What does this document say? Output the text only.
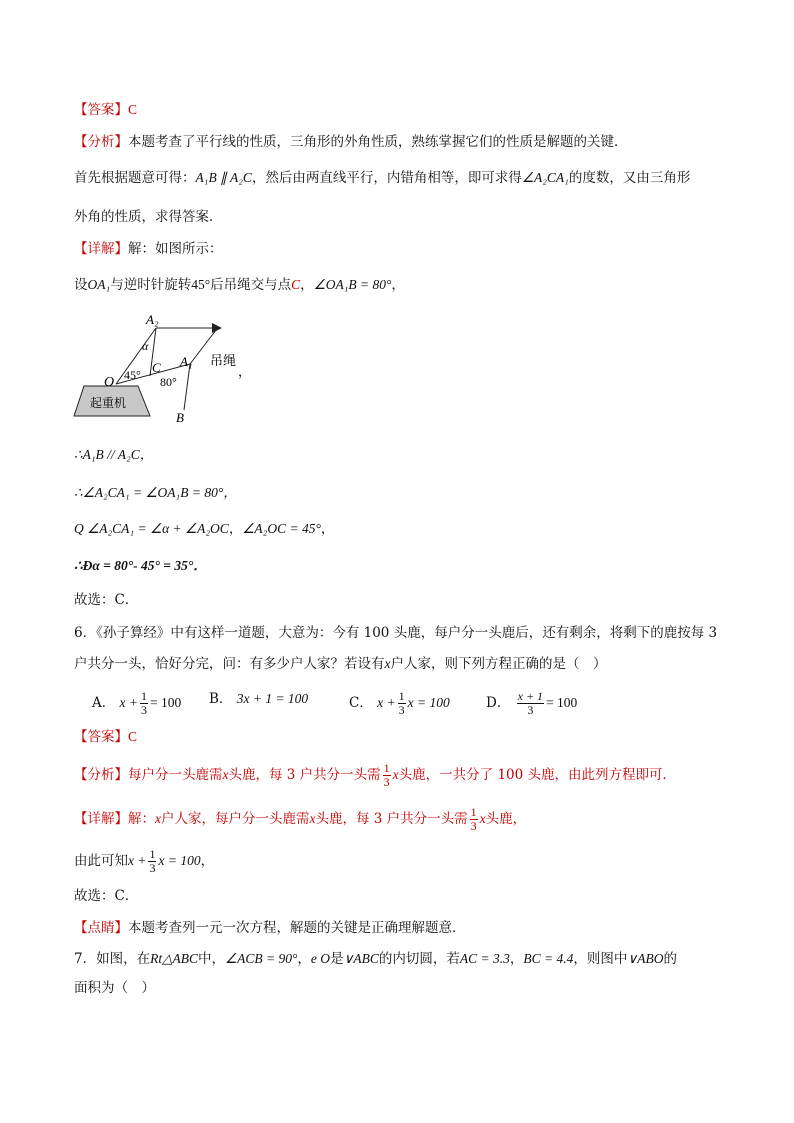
【答案】C
【分析】本题考查了平行线的性质，三角形的外角性质，熟练掌握它们的性质是解题的关键．
首先根据题意可得：A₁B ∥ A₂C，然后由两直线平行，内错角相等，即可求得∠A₂CA₁的度数，又由三角形
外角的性质，求得答案．
【详解】解：如图所示：
设OA₁与逆时针旋转45°后吊绳交与点C，∠OA₁B = 80°，
A₂
α
A₁ 吊绳
，
O 45° C
80°
B
起重机
∴A₁B // A₂C，
∴∠A₂CA₁ = ∠OA₁B = 80°，
Q ∠A₂CA₁ = ∠α + ∠A₂OC，∠A₂OC = 45°，
∴Ðα = 80°- 45° = 35°．
故选：C．
6．《孙子算经》中有这样一道题，大意为：今有 100 头鹿，每户分一头鹿后，还有剩余，将剩下的鹿按每 3
户共分一头，恰好分完，问：有多少户人家？若设有x户人家，则下列方程正确的是（　）
A． $x + \frac{1}{3} = 100$ B． 3x + 1 = 100	C． $x + \frac{1}{3}$ x = 100	D． $\frac{x + 1}{3} = 100$
【答案】C
【分析】每户分一头鹿需x头鹿，每 3 户共分一头需 $\frac{1}{3}$ x头鹿，一共分了 100 头鹿，由此列方程即可．
【详解】解：x户人家，每户分一头鹿需x头鹿，每 3 户共分一头需 $\frac{1}{3}$ x头鹿，
由此可知$x + \frac{1}{3}$ x = 100，
故选：C．
【点睛】本题考查列一元一次方程，解题的关键是正确理解题意．
7．如图，在Rt△ABC中，∠ACB = 90°，e O是∨ABC的内切圆，若AC = 3.3，BC = 4.4，则图中∨ABO的
面积为（　）
